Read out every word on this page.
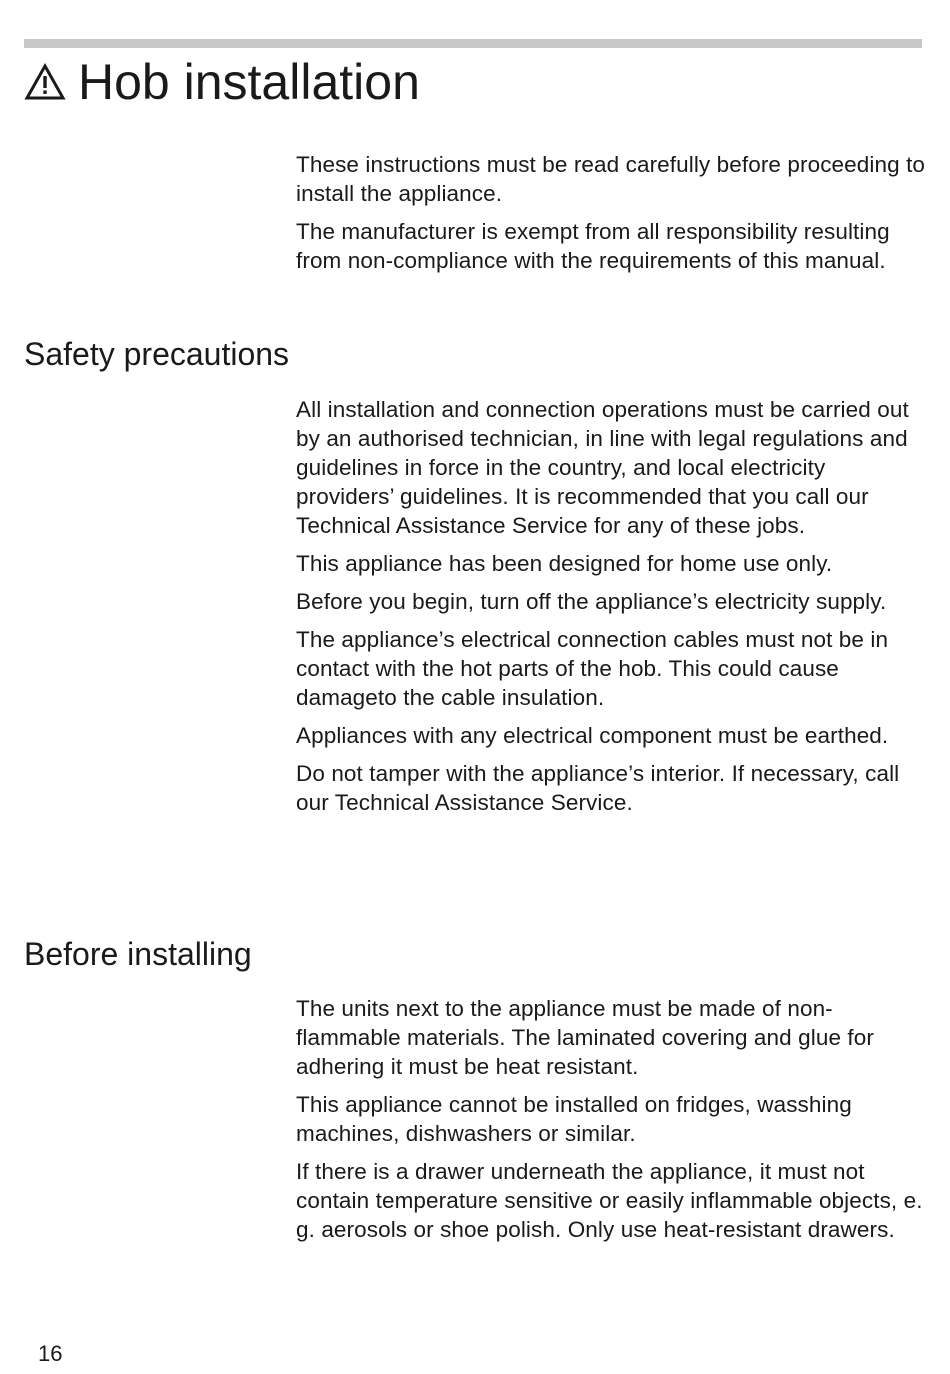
Hob installation

These instructions must be read carefully before proceeding to install the appliance.

The manufacturer is exempt from all responsibility resulting from non-compliance with the requirements of this manual.

Safety precautions

All installation and connection operations must be carried out by an authorised technician, in line with legal regulations and guidelines in force in the country, and local electricity providers’ guidelines. It is recommended that you call our Technical Assistance Service for any of these jobs.

This appliance has been designed for home use only.

Before you begin, turn off the appliance’s electricity supply.

The appliance’s electrical connection cables must not be in contact with the hot parts of the hob. This could cause damageto the cable insulation.

Appliances with any electrical component must be earthed.

Do not tamper with the appliance’s interior. If necessary, call our Technical Assistance Service.

Before installing

The units next to the appliance must be made of non-flammable materials. The laminated covering and glue for adhering it must be heat resistant.

This appliance cannot be installed on fridges, wasshing machines, dishwashers or similar.

If there is a drawer underneath the appliance, it must not contain temperature sensitive or easily inflammable objects, e. g. aerosols or shoe polish. Only use heat-resistant drawers.

16
